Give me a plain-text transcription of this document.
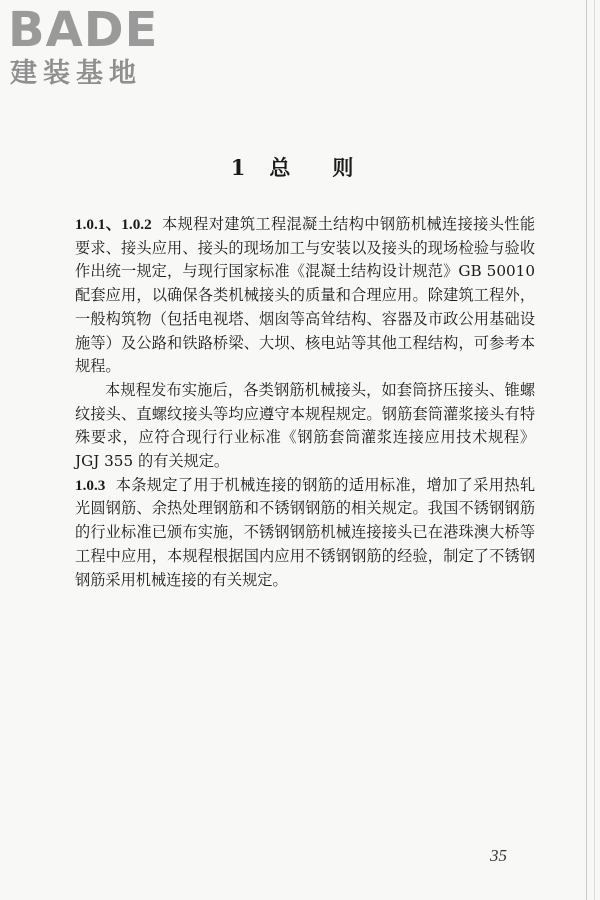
BADE
建装基地
1 总 则

1.0.1、1.0.2 本规程对建筑工程混凝土结构中钢筋机械连接接头性能要求、接头应用、接头的现场加工与安装以及接头的现场检验与验收作出统一规定，与现行国家标准《混凝土结构设计规范》GB 50010 配套应用，以确保各类机械接头的质量和合理应用。除建筑工程外，一般构筑物（包括电视塔、烟囱等高耸结构、容器及市政公用基础设施等）及公路和铁路桥梁、大坝、核电站等其他工程结构，可参考本规程。

本规程发布实施后，各类钢筋机械接头，如套筒挤压接头、锥螺纹接头、直螺纹接头等均应遵守本规程规定。钢筋套筒灌浆接头有特殊要求，应符合现行行业标准《钢筋套筒灌浆连接应用技术规程》JGJ 355 的有关规定。

1.0.3 本条规定了用于机械连接的钢筋的适用标准，增加了采用热轧光圆钢筋、余热处理钢筋和不锈钢钢筋的相关规定。我国不锈钢钢筋的行业标准已颁布实施，不锈钢钢筋机械连接接头已在港珠澳大桥等工程中应用，本规程根据国内应用不锈钢钢筋的经验，制定了不锈钢钢筋采用机械连接的有关规定。

35
